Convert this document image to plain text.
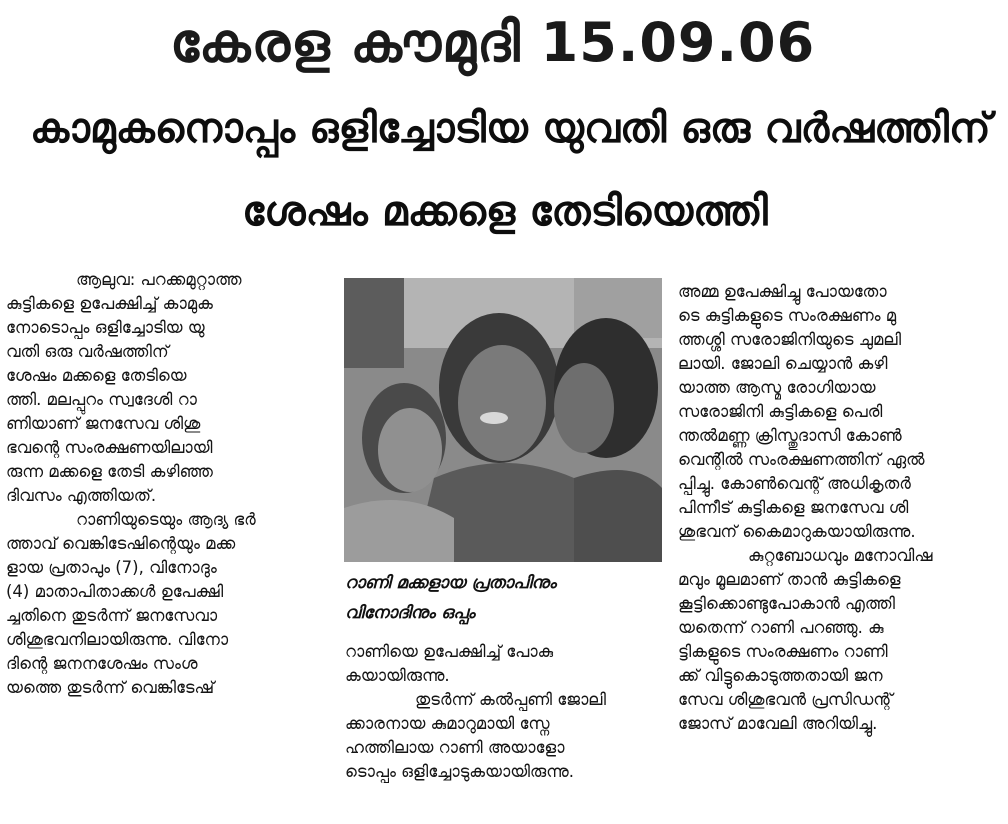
കേരള കൗമുദി 15.09.06
കാമുകനൊപ്പം ഒളിച്ചോടിയ യുവതി ഒരു വർഷത്തിന്
ശേഷം മക്കളെ തേടിയെത്തി

ആലുവ: പറക്കമുറ്റാത്ത
കുട്ടികളെ ഉപേക്ഷിച്ച് കാമുക
നോടൊപ്പം ഒളിച്ചോടിയ യു
വതി ഒരു വർഷത്തിന്
ശേഷം മക്കളെ തേടിയെ
ത്തി. മലപ്പുറം സ്വദേശി റാ
ണിയാണ് ജനസേവ ശിശു
ഭവന്റെ സംരക്ഷണയിലായി
രുന്ന മക്കളെ തേടി കഴിഞ്ഞ
ദിവസം എത്തിയത്.

റാണിയുടെയും ആദ്യ ഭർ
ത്താവ് വെങ്കിടേഷിന്റെയും മക്ക
ളായ പ്രതാപും (7), വിനോദും
(4) മാതാപിതാക്കൾ ഉപേക്ഷി
ച്ചതിനെ തുടർന്ന് ജനസേവാ
ശിശുഭവനിലായിരുന്നു. വിനോ
ദിന്റെ ജനനശേഷം സംശ
യത്തെ തുടർന്ന് വെങ്കിടേഷ്

റാണി മക്കളായ പ്രതാപിനും
വിനോദിനും ഒപ്പം

റാണിയെ ഉപേക്ഷിച്ച് പോകു
കയായിരുന്നു.

തുടർന്ന് കൽപ്പണി ജോലി
ക്കാരനായ കുമാറുമായി സ്നേ
ഹത്തിലായ റാണി അയാളോ
ടൊപ്പം ഒളിച്ചോടുകയായിരുന്നു.

അമ്മ ഉപേക്ഷിച്ചു പോയതോ
ടെ കുട്ടികളുടെ സംരക്ഷണം മു
ത്തശ്ശി സരോജിനിയുടെ ചുമലി
ലായി. ജോലി ചെയ്യാൻ കഴി
യാത്ത ആസ്മ രോഗിയായ
സരോജിനി കുട്ടികളെ പെരി
ന്തൽമണ്ണ ക്രിസ്തുദാസി കോൺ
വെന്റിൽ സംരക്ഷണത്തിന് ഏൽ
പ്പിച്ചു. കോൺവെന്റ് അധികൃതർ
പിന്നീട് കുട്ടികളെ ജനസേവ ശി
ശുഭവന് കൈമാറുകയായിരുന്നു.

കുറ്റബോധവും മനോവിഷ
മവും മൂലമാണ് താൻ കുട്ടികളെ
കൂട്ടിക്കൊണ്ടുപോകാൻ എത്തി
യതെന്ന് റാണി പറഞ്ഞു. കു
ട്ടികളുടെ സംരക്ഷണം റാണി
ക്ക് വിട്ടുകൊടുത്തതായി ജന
സേവ ശിശുഭവൻ പ്രസിഡന്റ്
ജോസ് മാവേലി അറിയിച്ചു.
